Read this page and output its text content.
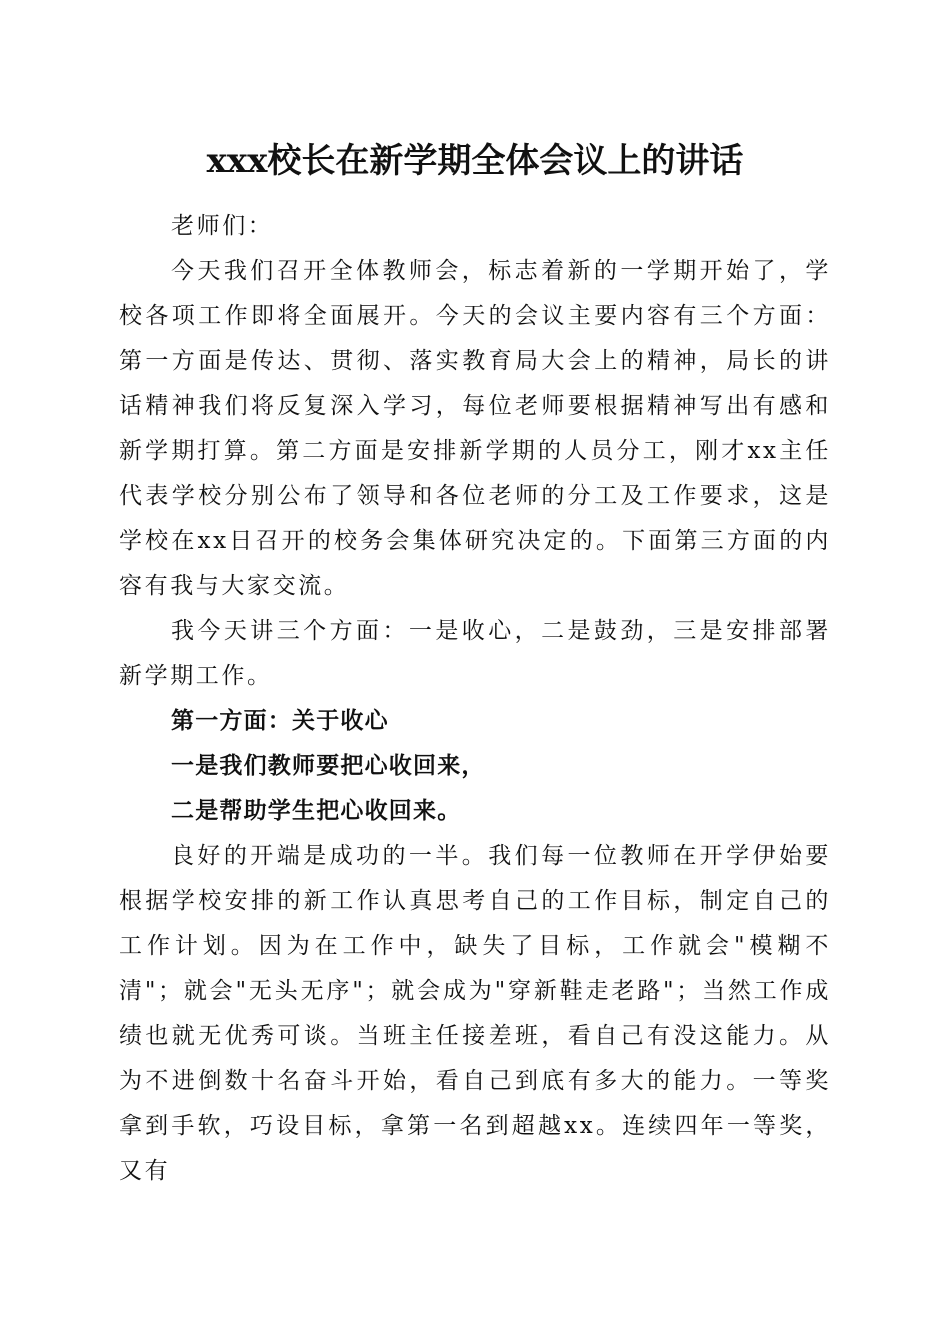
xxx校长在新学期全体会议上的讲话

老师们：

今天我们召开全体教师会，标志着新的一学期开始了，学校各项工作即将全面展开。今天的会议主要内容有三个方面：第一方面是传达、贯彻、落实教育局大会上的精神，局长的讲话精神我们将反复深入学习，每位老师要根据精神写出有感和新学期打算。第二方面是安排新学期的人员分工，刚才xx主任代表学校分别公布了领导和各位老师的分工及工作要求，这是学校在xx日召开的校务会集体研究决定的。下面第三方面的内容有我与大家交流。

我今天讲三个方面：一是收心，二是鼓劲，三是安排部署新学期工作。

第一方面：关于收心

一是我们教师要把心收回来，

二是帮助学生把心收回来。

良好的开端是成功的一半。我们每一位教师在开学伊始要根据学校安排的新工作认真思考自己的工作目标，制定自己的工作计划。因为在工作中，缺失了目标，工作就会"模糊不清"；就会"无头无序"；就会成为"穿新鞋走老路"；当然工作成绩也就无优秀可谈。当班主任接差班，看自己有没这能力。从为不进倒数十名奋斗开始，看自己到底有多大的能力。一等奖拿到手软，巧设目标，拿第一名到超越xx。连续四年一等奖，又有
